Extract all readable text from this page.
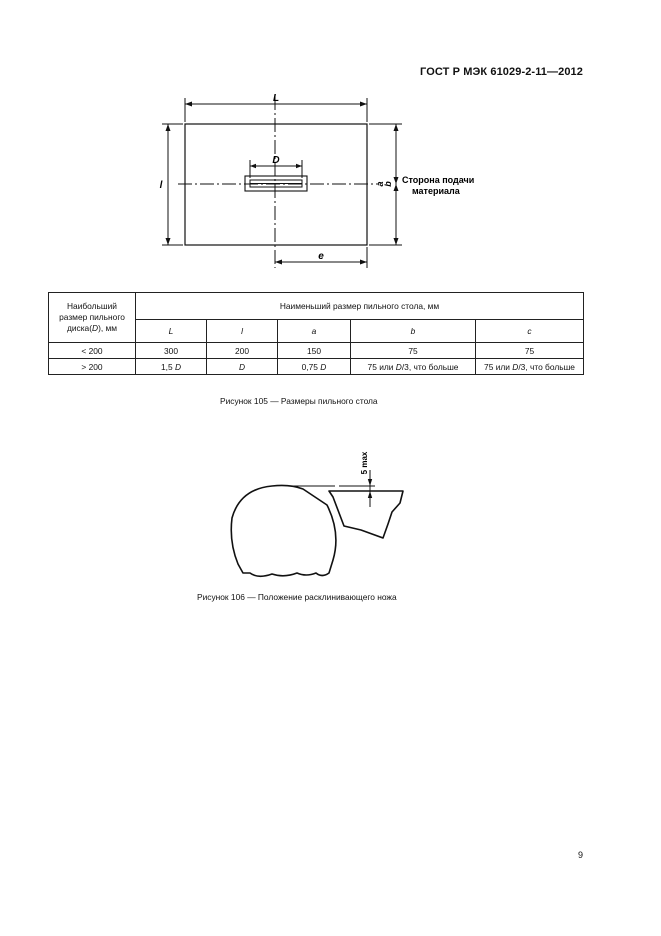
ГОСТ Р МЭК 61029-2-11—2012
L
D
l
e
a
b Сторона подачи
материала
Наибольший
размер пильного
диска(D), мм	Наименьший размер пильного стола, мм				
	L	l	a	b	c
< 200	300	200	150	75	75
> 200	1,5 D	D	0,75 D	75 или D/3, что больше	75 или D/3, что больше
Рисунок 105 — Размеры пильного стола
5 max
Рисунок 106 — Положение расклинивающего ножа
9
